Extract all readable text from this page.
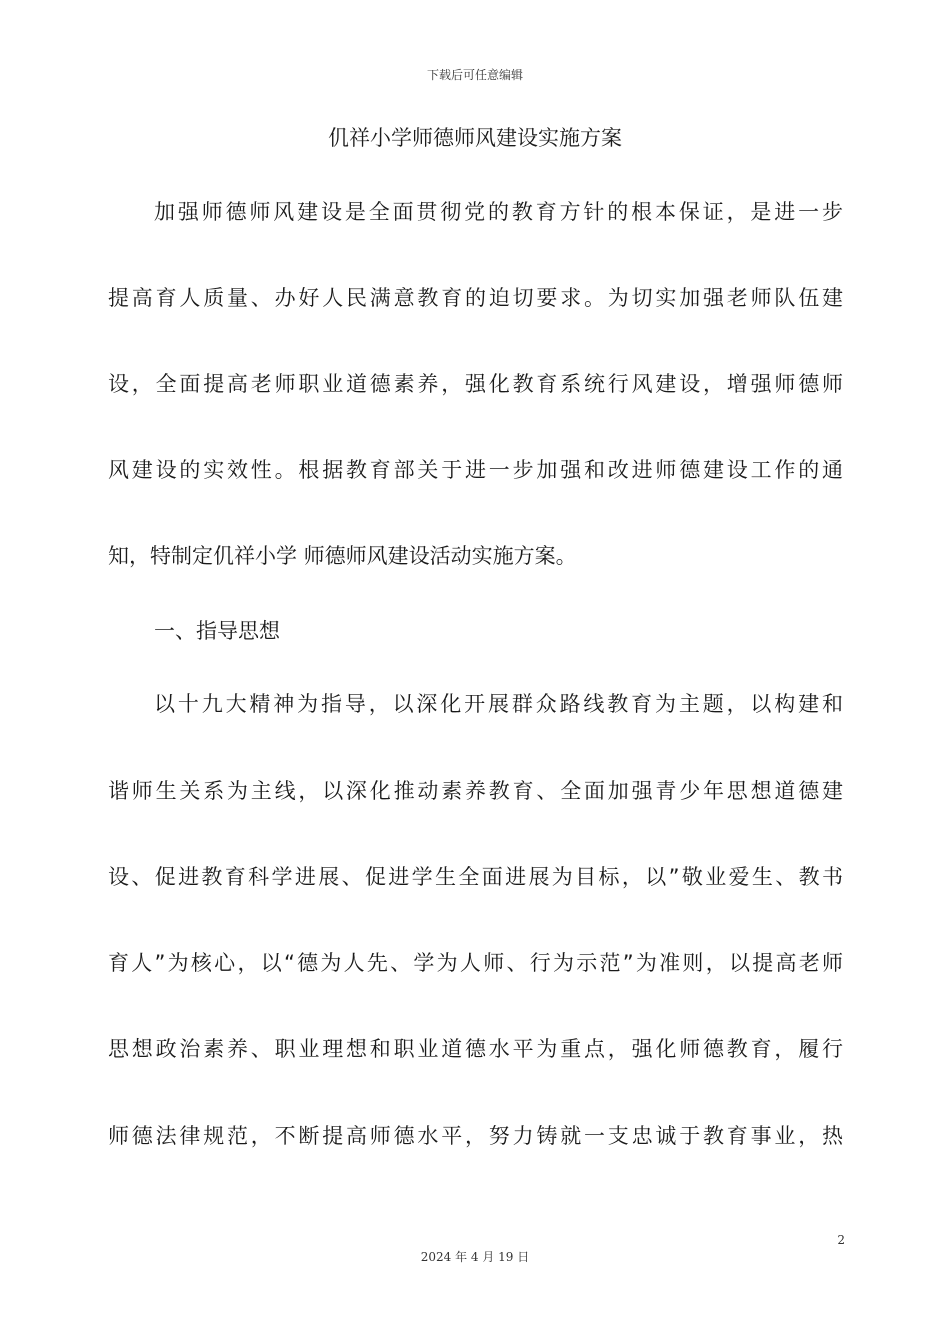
下载后可任意编辑
仉祥小学师德师风建设实施方案
加强师德师风建设是全面贯彻党的教育方针的根本保证，是进一步
提高育人质量、办好人民满意教育的迫切要求。为切实加强老师队伍建
设，全面提高老师职业道德素养，强化教育系统行风建设，增强师德师
风建设的实效性。根据教育部关于进一步加强和改进师德建设工作的通
知，特制定仉祥小学 师德师风建设活动实施方案。
一、指导思想
以十九大精神为指导，以深化开展群众路线教育为主题，以构建和
谐师生关系为主线，以深化推动素养教育、全面加强青少年思想道德建
设、促进教育科学进展、促进学生全面进展为目标，以”敬业爱生、教书
育人”为核心，以“德为人先、学为人师、行为示范”为准则，以提高老师
思想政治素养、职业理想和职业道德水平为重点，强化师德教育，履行
师德法律规范，不断提高师德水平，努力铸就一支忠诚于教育事业，热
2
2024 年 4 月 19 日
